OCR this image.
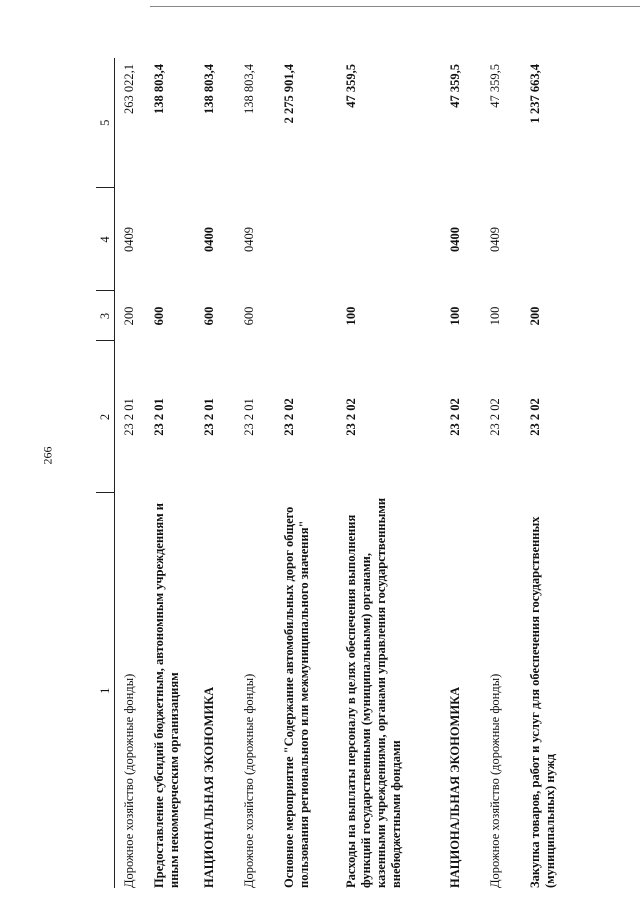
266
1	2	3	4	5
Дорожное хозяйство (дорожные фонды)	23 2 01	200	0409	263 022,1
Предоставление субсидий бюджетным, автономным учреждениям и иным некоммерческим организациям	23 2 01	600		138 803,4
НАЦИОНАЛЬНАЯ ЭКОНОМИКА	23 2 01	600	0400	138 803,4
Дорожное хозяйство (дорожные фонды)	23 2 01	600	0409	138 803,4
Основное мероприятие "Содержание автомобильных дорог общего пользования регионального или межмуниципального значения"	23 2 02			2 275 901,4
Расходы на выплаты персоналу в целях обеспечения выполнения функций государственными (муниципальными) органами, казенными учреждениями, органами управления государственными внебюджетными фондами	23 2 02	100		47 359,5
НАЦИОНАЛЬНАЯ ЭКОНОМИКА	23 2 02	100	0400	47 359,5
Дорожное хозяйство (дорожные фонды)	23 2 02	100	0409	47 359,5
Закупка товаров, работ и услуг для обеспечения государственных (муниципальных) нужд	23 2 02	200		1 237 663,4
